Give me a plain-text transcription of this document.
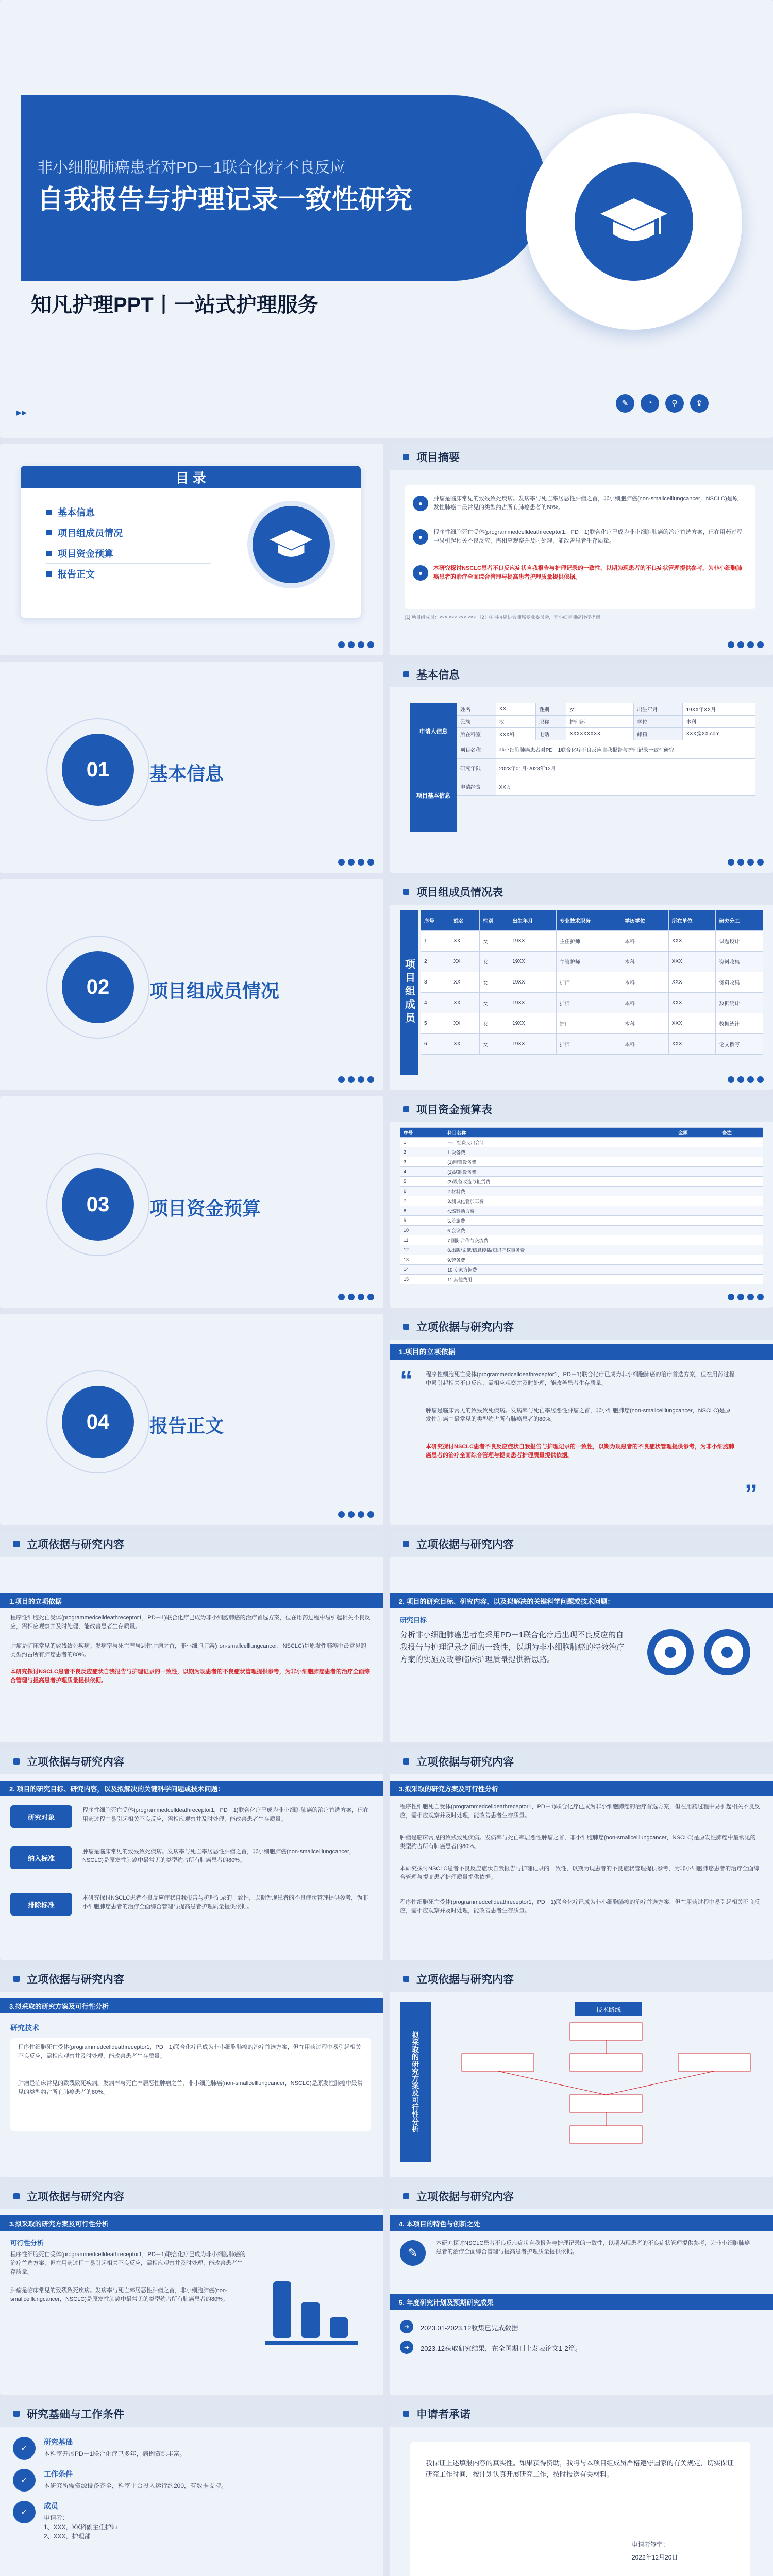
非小细胞肺癌患者对PD－1联合化疗不良反应
自我报告与护理记录一致性研究
知凡护理PPT丨一站式护理服务
▸▸
✎	◔	⚲	⇪
目 录
基本信息
项目组成员情况
项目资金预算
报告正文
项目摘要
●
肿瘤是临床常见的致残致死疾病。发病率与死亡率居恶性肿瘤之首，非小细胞肺癌(non-smallcelllungcancer，NSCLC)是原发性肺癌中最常见的类型约占所有肺癌患者的80%。
●
程序性细胞死亡受体(programmedcelldeathreceptor1，PD－1)联合化疗已成为非小细胞肺癌的治疗首选方案，但在用药过程中易引起相关不良反应，需相应观察并及时处理，能改善患者生存质量。
●
本研究探讨NSCLC患者不良反应症状自我报告与护理记录的一致性，以期为现患者的不良症状管理提供参考，为非小细胞肺癌患者的治疗全面综合管理与提高患者护理质量提供依据。
[1] 项目组成员：××× ××× ××× ××× ［2］中国抗癌协会肺癌专业委员会，非小细胞肺癌诊疗指南
01	基本信息
基本信息
申请人信息
项目基本信息
姓名	XX	性别	女	出生年月	19XX年XX月
民族	汉	职称	护理部	学位	本科
所在科室	XXX科	电话	XXXXXXXXX	邮箱	XXX@XX.com
项目名称	非小细胞肺癌患者对PD－1联合化疗不良反应自我报告与护理记录一致性研究				
研究年限	2023年01月-2023年12月				
申请经费	XX万				
02	项目组成员情况
项目组成员情况表
项目组成员
序号	姓名	性别	出生年月	专业技术职务	学历学位	所在单位	研究分工
1	XX	女	19XX	主任护师	本科	XXX	课题设计
2	XX	女	19XX	主管护师	本科	XXX	资料收集
3	XX	女	19XX	护师	本科	XXX	资料收集
4	XX	女	19XX	护师	本科	XXX	数据统计
5	XX	女	19XX	护师	本科	XXX	数据统计
6	XX	女	19XX	护师	本科	XXX	论文撰写
03	项目资金预算
项目资金预算表
序号	科目名称	金额	备注
1	一、经费支出合计		
2	1.设备费		
3	(1)购置设备费		
4	(2)试制设备费		
5	(3)设备改造与租赁费		
6	2.材料费		
7	3.测试化验加工费		
8	4.燃料动力费		
9	5.差旅费		
10	6.会议费		
11	7.国际合作与交流费		
12	8.出版/文献/信息传播/知识产权事务费		
13	9.劳务费		
14	10.专家咨询费		
15	11.其他费用		
04	报告正文
立项依据与研究内容
1.项目的立项依据
“ 程序性细胞死亡受体(programmedcelldeathreceptor1，PD－1)联合化疗已成为非小细胞肺癌的治疗首选方案，但在用药过程中易引起相关不良反应，需相应观察并及时处理，能改善患者生存质量。
肿瘤是临床常见的致残致死疾病。发病率与死亡率居恶性肿瘤之首，非小细胞肺癌(non-smallcelllungcancer，NSCLC)是原发性肺癌中最常见的类型约占所有肺癌患者的80%。
本研究探讨NSCLC患者不良反应症状自我报告与护理记录的一致性，以期为现患者的不良症状管理提供参考，为非小细胞肺癌患者的治疗全面综合管理与提高患者护理质量提供依据。
”
立项依据与研究内容
1.项目的立项依据
程序性细胞死亡受体(programmedcelldeathreceptor1，PD－1)联合化疗已成为非小细胞肺癌的治疗首选方案，但在用药过程中易引起相关不良反应，需相应观察并及时处理，能改善患者生存质量。
肿瘤是临床常见的致残致死疾病。发病率与死亡率居恶性肿瘤之首，非小细胞肺癌(non-smallcelllungcancer，NSCLC)是原发性肺癌中最常见的类型约占所有肺癌患者的80%。
本研究探讨NSCLC患者不良反应症状自我报告与护理记录的一致性，以期为现患者的不良症状管理提供参考，为非小细胞肺癌患者的治疗全面综合管理与提高患者护理质量提供依据。
立项依据与研究内容
2. 项目的研究目标、研究内容，以及拟解决的关键科学问题或技术问题：
研究目标
分析非小细胞肺癌患者在采用PD－1联合化疗后出现不良反应的自我报告与护理记录之间的一致性，以期为非小细胞肺癌的特效治疗方案的实施及改善临床护理质量提供新思路。
立项依据与研究内容
2. 项目的研究目标、研究内容，以及拟解决的关键科学问题或技术问题：
研究对象
程序性细胞死亡受体(programmedcelldeathreceptor1，PD－1)联合化疗已成为非小细胞肺癌的治疗首选方案，但在用药过程中易引起相关不良反应，需相应观察并及时处理，能改善患者生存质量。
纳入标准
肿瘤是临床常见的致残致死疾病。发病率与死亡率居恶性肿瘤之首，非小细胞肺癌(non-smallcelllungcancer，NSCLC)是原发性肺癌中最常见的类型约占所有肺癌患者的80%。
排除标准
本研究探讨NSCLC患者不良反应症状自我报告与护理记录的一致性，以期为现患者的不良症状管理提供参考，为非小细胞肺癌患者的治疗全面综合管理与提高患者护理质量提供依据。
立项依据与研究内容
3.拟采取的研究方案及可行性分析
程序性细胞死亡受体(programmedcelldeathreceptor1，PD－1)联合化疗已成为非小细胞肺癌的治疗首选方案，但在用药过程中易引起相关不良反应，需相应观察并及时处理，能改善患者生存质量。
肿瘤是临床常见的致残致死疾病。发病率与死亡率居恶性肿瘤之首，非小细胞肺癌(non-smallcelllungcancer，NSCLC)是原发性肺癌中最常见的类型约占所有肺癌患者的80%。
本研究探讨NSCLC患者不良反应症状自我报告与护理记录的一致性，以期为现患者的不良症状管理提供参考，为非小细胞肺癌患者的治疗全面综合管理与提高患者护理质量提供依据。
程序性细胞死亡受体(programmedcelldeathreceptor1，PD－1)联合化疗已成为非小细胞肺癌的治疗首选方案，但在用药过程中易引起相关不良反应，需相应观察并及时处理，能改善患者生存质量。
立项依据与研究内容
3.拟采取的研究方案及可行性分析
研究技术
程序性细胞死亡受体(programmedcelldeathreceptor1，PD－1)联合化疗已成为非小细胞肺癌的治疗首选方案，但在用药过程中易引起相关不良反应，需相应观察并及时处理，能改善患者生存质量。
肿瘤是临床常见的致残致死疾病。发病率与死亡率居恶性肿瘤之首，非小细胞肺癌(non-smallcelllungcancer，NSCLC)是原发性肺癌中最常见的类型约占所有肺癌患者的80%。
立项依据与研究内容
拟采取的研究方案及可行性分析
技术路线
立项依据与研究内容
3.拟采取的研究方案及可行性分析
可行性分析
程序性细胞死亡受体(programmedcelldeathreceptor1，PD－1)联合化疗已成为非小细胞肺癌的治疗首选方案，但在用药过程中易引起相关不良反应，需相应观察并及时处理，能改善患者生存质量。
肿瘤是临床常见的致残致死疾病。发病率与死亡率居恶性肿瘤之首，非小细胞肺癌(non-smallcelllungcancer，NSCLC)是原发性肺癌中最常见的类型约占所有肺癌患者的80%。
立项依据与研究内容
4. 本项目的特色与创新之处
✎
本研究探讨NSCLC患者不良反应症状自我报告与护理记录的一致性，以期为现患者的不良症状管理提供参考，为非小细胞肺癌患者的治疗全面综合管理与提高患者护理质量提供依据。
5. 年度研究计划及预期研究成果
➔	2023.01-2023.12收集已完成数据
➔	2023.12获取研究结果，在全国期刊上发表论文1-2篇。
研究基础与工作条件
✓
研究基础
本科室开展PD－1联合化疗已多年，病例资源丰富。
✓
工作条件
本研究所需资源设备齐全，科室平台投入运行约200，有数据支持。
✓
成员
申请者：
1、XXX，XX科副主任护师
2、XXX，护理部
申请者承诺
我保证上述填报内容的真实性。如果获得资助，我将与本项目组成员严格遵守国家的有关规定，切实保证研究工作时间，按计划认真开展研究工作，按时报送有关材料。
申请者签字：
2022年12月20日
